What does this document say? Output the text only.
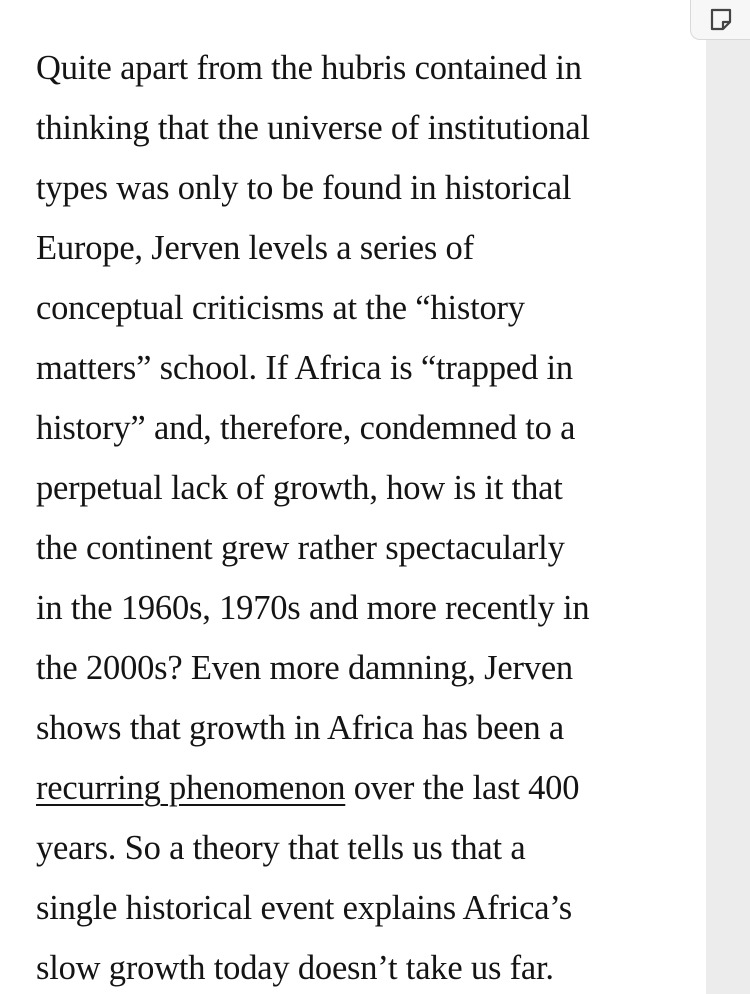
Quite apart from the hubris contained in
thinking that the universe of institutional
types was only to be found in historical
Europe, Jerven levels a series of
conceptual criticisms at the “history
matters” school. If Africa is “trapped in
history” and, therefore, condemned to a
perpetual lack of growth, how is it that
the continent grew rather spectacularly
in the 1960s, 1970s and more recently in
the 2000s? Even more damning, Jerven
shows that growth in Africa has been a
recurring phenomenon over the last 400
years. So a theory that tells us that a
single historical event explains Africa’s
slow growth today doesn’t take us far.
